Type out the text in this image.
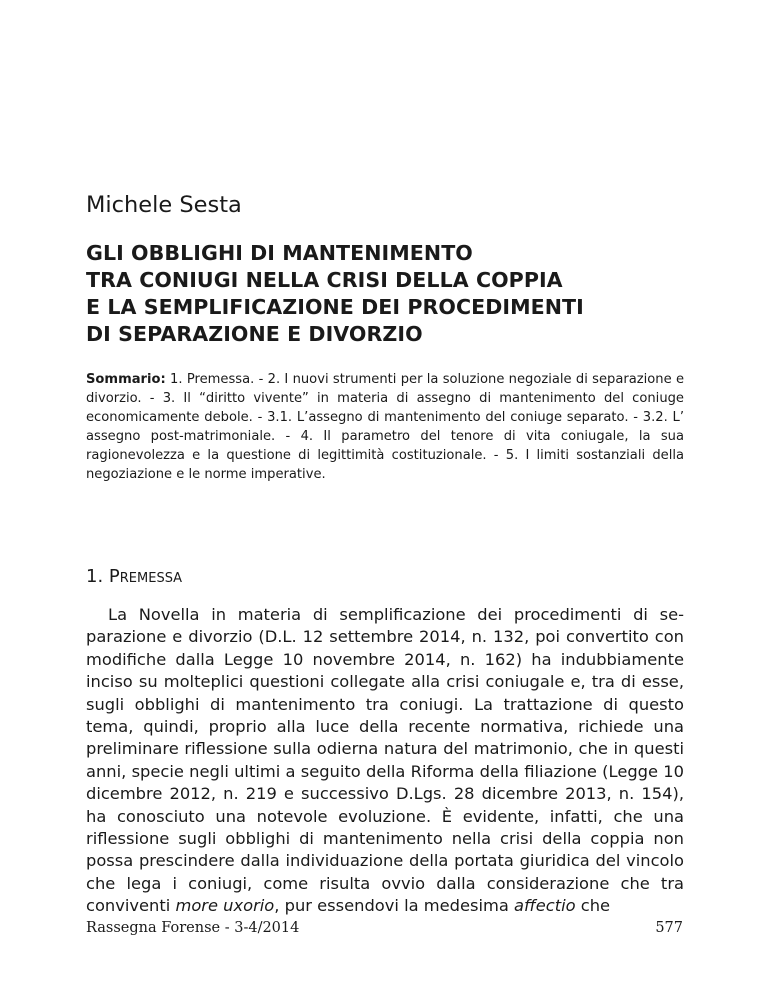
Michele Sesta
GLI OBBLIGHI DI MANTENIMENTO
TRA CONIUGI NELLA CRISI DELLA COPPIA
E LA SEMPLIFICAZIONE DEI PROCEDIMENTI
DI SEPARAZIONE E DIVORZIO

Sommario: 1. Premessa. - 2. I nuovi strumenti per la soluzione negoziale di separazione e divorzio. - 3. Il “diritto vivente” in materia di assegno di mantenimento del coniuge economicamente debole. - 3.1. L’assegno di mantenimento del coniuge separato. - 3.2. L’ assegno post-matrimoniale. - 4. Il parametro del tenore di vita coniugale, la sua ragionevolezza e la questione di legittimità costituzionale. - 5. I limiti sostanziali della negoziazione e le norme imperative.

1. Premessa

La Novella in materia di semplificazione dei procedimenti di separazione e divorzio (D.L. 12 settembre 2014, n. 132, poi convertito con modifiche dalla Legge 10 novembre 2014, n. 162) ha indubbiamente inciso su molteplici questioni collegate alla crisi coniugale e, tra di esse, sugli obblighi di mantenimento tra coniugi. La trattazione di questo tema, quindi, proprio alla luce della recente normativa, richiede una preliminare riflessione sulla odierna natura del matrimonio, che in questi anni, specie negli ultimi a seguito della Riforma della filiazione (Legge 10 dicembre 2012, n. 219 e successivo D.Lgs. 28 dicembre 2013, n. 154), ha conosciuto una notevole evoluzione. È evidente, infatti, che una riflessione sugli obblighi di mantenimento nella crisi della coppia non possa prescindere dalla individuazione della portata giuridica del vincolo che lega i coniugi, come risulta ovvio dalla considerazione che tra conviventi more uxorio, pur essendovi la medesima affectio che

Rassegna Forense - 3-4/2014	577
